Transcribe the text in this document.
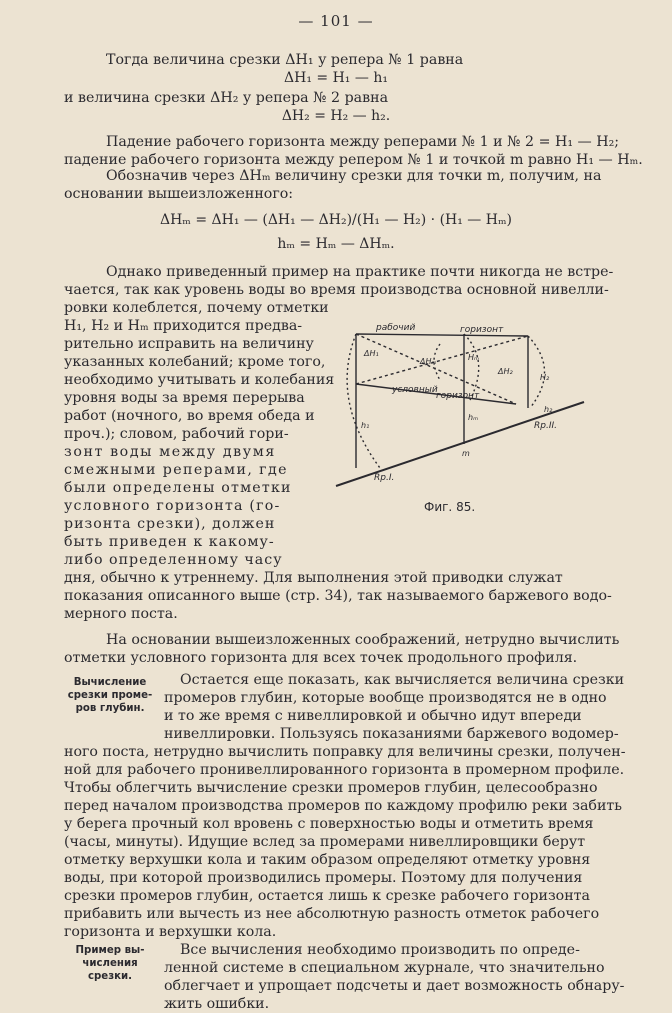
— 101 —
Тогда величина срезки ΔH₁ у репера № 1 равна
ΔH₁ = H₁ — h₁
и величина срезки ΔH₂ у репера № 2 равна
ΔH₂ = H₂ — h₂.
Падение рабочего горизонта между реперами № 1 и № 2 = H₁ — H₂;
падение рабочего горизонта между репером № 1 и точкой m равно H₁ — Hₘ.
Обозначив через ΔHₘ величину срезки для точки m, получим, на
основании вышеизложенного:
ΔHₘ = ΔH₁ — (ΔH₁ — ΔH₂)/(H₁ — H₂) · (H₁ — Hₘ)
hₘ = Hₘ — ΔHₘ.
Однако приведенный пример на практике почти никогда не встре-
чается, так как уровень воды во время производства основной нивелли-
ровки колеблется, почему отметки
H₁, H₂ и Hₘ приходится предва-
рительно исправить на величину
указанных колебаний; кроме того,
необходимо учитывать и колебания
уровня воды за время перерыва
работ (ночного, во время обеда и
проч.); словом, рабочий гори-
зонт воды между двумя
смежными реперами, где
были определены отметки
условного горизонта (го-
ризонта срезки), должен
быть приведен к какому-
либо определенному часу
дня, обычно к утреннему. Для выполнения этой приводки служат
показания описанного выше (стр. 34), так называемого баржевого водо-
мерного поста.
рабочий	горизонт
условный
горизонт
ΔH₁
ΔHₘ	Hₘ
ΔH₂
H₂
h₁
hₘ
h₂
m
Rp.I.
Rp.II.
Фиг. 85.
На основании вышеизложенных соображений, нетрудно вычислить
отметки условного горизонта для всех точек продольного профиля.
Вычисление
срезки проме-
ров глубин.
Остается еще показать, как вычисляется величина срезки
промеров глубин, которые вообще производятся не в одно
и то же время с нивеллировкой и обычно идут впереди
нивеллировки. Пользуясь показаниями баржевого водомер-
ного поста, нетрудно вычислить поправку для величины срезки, получен-
ной для рабочего пронивеллированного горизонта в промерном профиле.
Чтобы облегчить вычисление срезки промеров глубин, целесообразно
перед началом производства промеров по каждому профилю реки забить
у берега прочный кол вровень с поверхностью воды и отметить время
(часы, минуты). Идущие вслед за промерами нивеллировщики берут
отметку верхушки кола и таким образом определяют отметку уровня
воды, при которой производились промеры. Поэтому для получения
срезки промеров глубин, остается лишь к срезке рабочего горизонта
прибавить или вычесть из нее абсолютную разность отметок рабочего
горизонта и верхушки кола.
Пример вы-
числения
срезки.
Все вычисления необходимо производить по опреде-
ленной системе в специальном журнале, что значительно
облегчает и упрощает подсчеты и дает возможность обнару-
жить ошибки.
